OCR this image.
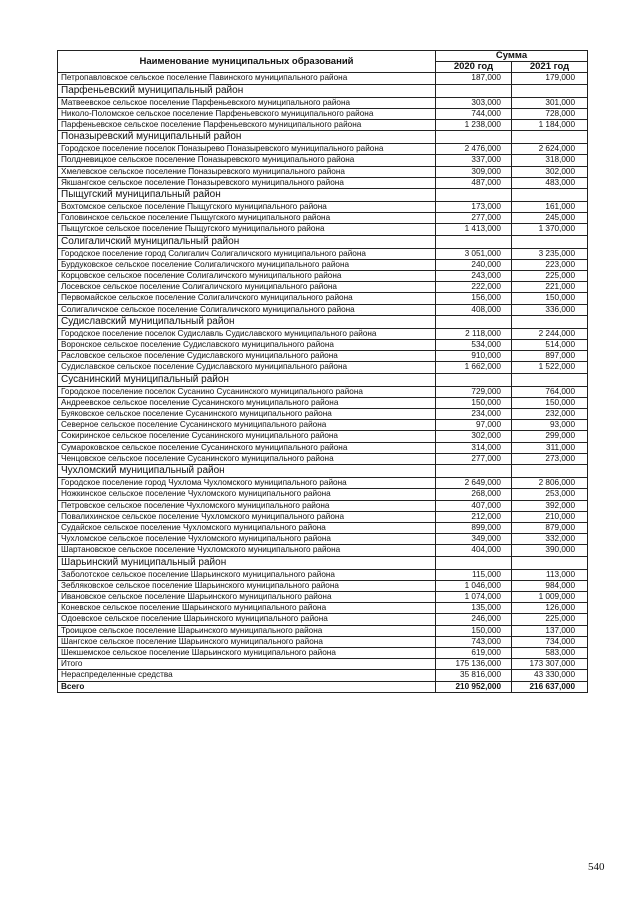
Наименование муниципальных образований	Сумма	
	2020 год	2021 год
Петропавловское сельское поселение Павинского муниципального района	187,000	179,000
Парфеньевский муниципальный район		
Матвеевское сельское поселение Парфеньевского муниципального района	303,000	301,000
Николо-Поломское сельское поселение Парфеньевского муниципального района	744,000	728,000
Парфеньевское сельское поселение Парфеньевского муниципального района	1 238,000	1 184,000
Поназыревский муниципальный район		
Городское поселение поселок Поназырево Поназыревского муниципального района	2 476,000	2 624,000
Полдневицкое сельское поселение Поназыревского муниципального района	337,000	318,000
Хмелевское сельское поселение Поназыревского муниципального района	309,000	302,000
Якшангское сельское поселение Поназыревского муниципального района	487,000	483,000
Пыщугский муниципальный район		
Вохтомское сельское поселение Пыщугского муниципального района	173,000	161,000
Головинское сельское поселение Пыщугского муниципального района	277,000	245,000
Пыщугское сельское поселение Пыщугского муниципального района	1 413,000	1 370,000
Солигаличский муниципальный район		
Городское поселение город Солигалич Солигаличского муниципального района	3 051,000	3 235,000
Бурдуковское сельское поселение Солигаличского муниципального района	240,000	223,000
Корцовское сельское поселение Солигаличского муниципального района	243,000	225,000
Лосевское сельское поселение Солигаличского муниципального района	222,000	221,000
Первомайское сельское поселение Солигаличского муниципального района	156,000	150,000
Солигаличское сельское поселение Солигаличского муниципального района	408,000	336,000
Судиславский муниципальный район		
Городское поселение поселок Судиславль Судиславского муниципального района	2 118,000	2 244,000
Воронское сельское поселение Судиславского муниципального района	534,000	514,000
Расловское сельское поселение Судиславского муниципального района	910,000	897,000
Судиславское сельское поселение Судиславского муниципального района	1 662,000	1 522,000
Сусанинский муниципальный район		
Городское поселение поселок Сусанино Сусанинского муниципального района	729,000	764,000
Андреевское сельское поселение Сусанинского муниципального района	150,000	150,000
Буяковское сельское поселение Сусанинского муниципального района	234,000	232,000
Северное сельское поселение Сусанинского муниципального района	97,000	93,000
Сокиринское сельское поселение Сусанинского муниципального района	302,000	299,000
Сумароковское сельское поселение Сусанинского муниципального района	314,000	311,000
Ченцовское сельское поселение Сусанинского муниципального района	277,000	273,000
Чухломский муниципальный район		
Городское поселение город Чухлома Чухломского муниципального района	2 649,000	2 806,000
Ножкинское сельское поселение Чухломского муниципального района	268,000	253,000
Петровское сельское поселение Чухломского муниципального района	407,000	392,000
Повалихинское сельское поселение Чухломского муниципального района	212,000	210,000
Судайское сельское поселение Чухломского муниципального района	899,000	879,000
Чухломское сельское поселение Чухломского муниципального района	349,000	332,000
Шартановское сельское поселение Чухломского муниципального района	404,000	390,000
Шарьинский муниципальный район		
Заболотское сельское поселение Шарьинского муниципального района	115,000	113,000
Зебляковское сельское поселение Шарьинского муниципального района	1 046,000	984,000
Ивановское сельское поселение Шарьинского муниципального района	1 074,000	1 009,000
Коневское сельское поселение Шарьинского муниципального района	135,000	126,000
Одоевское сельское поселение Шарьинского муниципального района	246,000	225,000
Троицкое сельское поселение Шарьинского муниципального района	150,000	137,000
Шангское сельское поселение Шарьинского муниципального района	743,000	734,000
Шекшемское сельское поселение Шарьинского муниципального района	619,000	583,000
Итого	175 136,000	173 307,000
Нераспределенные средства	35 816,000	43 330,000
Всего	210 952,000	216 637,000
540
